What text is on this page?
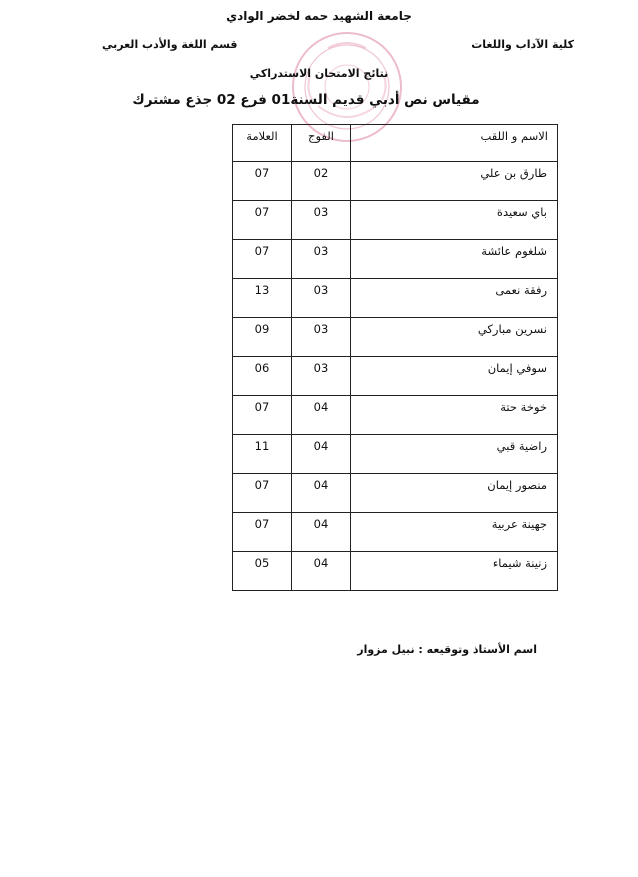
جامعة الشهيد حمه لخضر الوادي
كلية الآداب واللغات
قسم اللغة والأدب العربي
نتائج الامتحان الاستدراكي
مقياس نص أدبي قديم السنة01 فرع 02 جذع مشترك
الاسم و اللقب	الفوج	العلامة
طارق بن علي	02	07
باي سعيدة	03	07
شلغوم عائشة	03	07
رفقة نعمى	03	13
نسرين مباركي	03	09
سوفي إيمان	03	06
خوخة حتة	04	07
راضية قبي	04	11
منصور إيمان	04	07
جهينة عربية	04	07
زنينة شيماء	04	05
اسم الأستاذ وتوقيعه : نبيل مزوار
